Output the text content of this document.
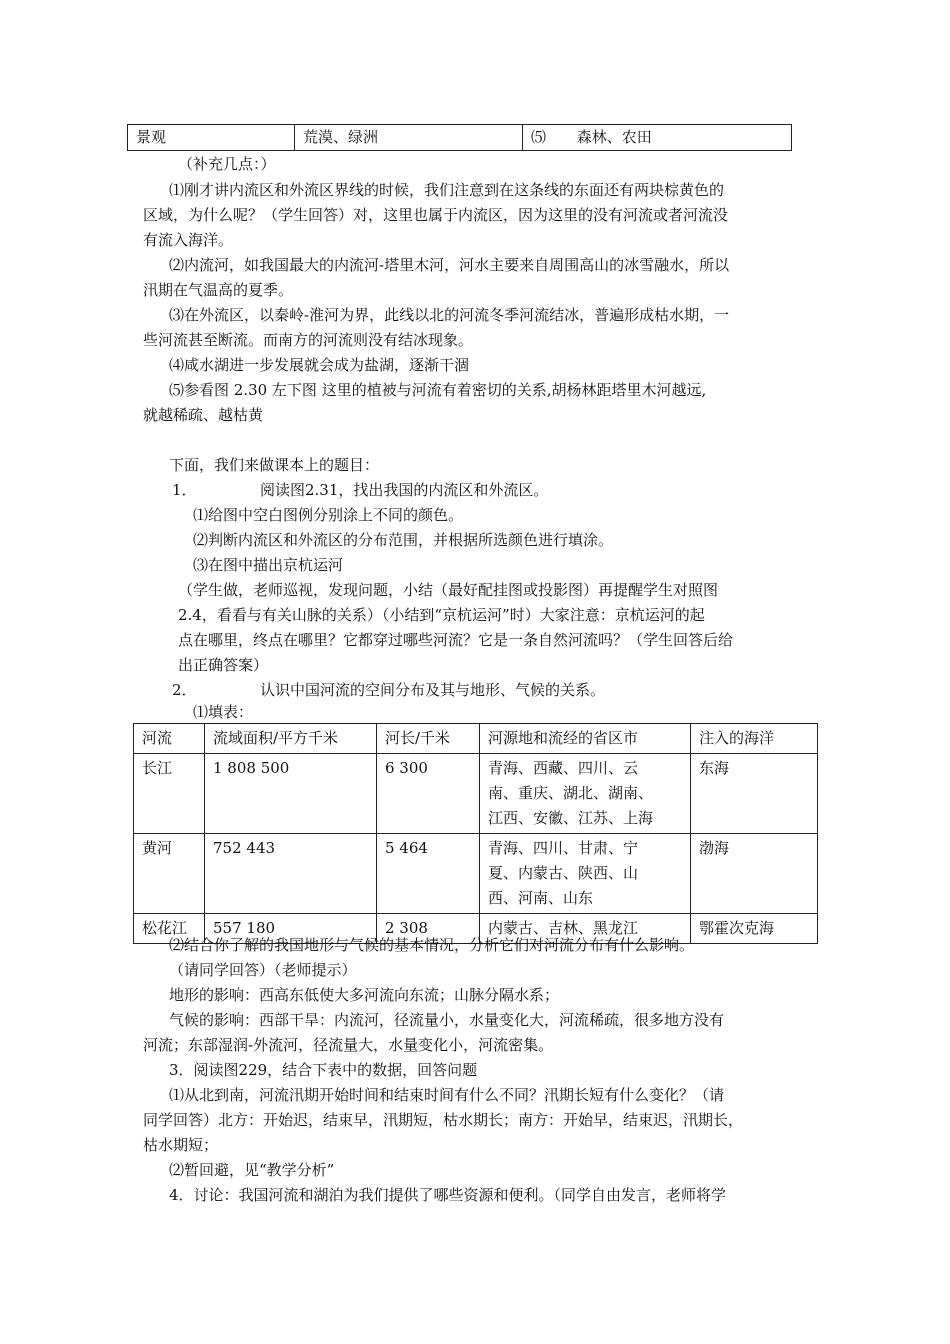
景观	荒漠、绿洲	⑸ 森林、农田
（补充几点：）
⑴刚才讲内流区和外流区界线的时候，我们注意到在这条线的东面还有两块棕黄色的
区域，为什么呢？（学生回答）对，这里也属于内流区，因为这里的没有河流或者河流没
有流入海洋。
⑵内流河，如我国最大的内流河-塔里木河，河水主要来自周围高山的冰雪融水，所以
汛期在气温高的夏季。
⑶在外流区，以秦岭-淮河为界，此线以北的河流冬季河流结冰，普遍形成枯水期，一
些河流甚至断流。而南方的河流则没有结冰现象。
⑷咸水湖进一步发展就会成为盐湖，逐渐干涸
⑸参看图 2.30 左下图 这里的植被与河流有着密切的关系,胡杨林距塔里木河越远,
就越稀疏、越枯黄
下面，我们来做课本上的题目：
1．	阅读图2.31，找出我国的内流区和外流区。
⑴给图中空白图例分别涂上不同的颜色。
⑵判断内流区和外流区的分布范围，并根据所选颜色进行填涂。
⑶在图中描出京杭运河
（学生做，老师巡视，发现问题，小结（最好配挂图或投影图）再提醒学生对照图
2.4，看看与有关山脉的关系）（小结到“京杭运河”时）大家注意：京杭运河的起
点在哪里，终点在哪里？它都穿过哪些河流？它是一条自然河流吗？（学生回答后给
出正确答案）
2．	认识中国河流的空间分布及其与地形、气候的关系。
⑴填表：
河流	流域面积/平方千米	河长/千米	河源地和流经的省区市	注入的海洋
长江	1 808 500	6 300	青海、西藏、四川、云
南、重庆、湖北、湖南、
江西、安徽、江苏、上海	东海
黄河	752 443	5 464	青海、四川、甘肃、宁
夏、内蒙古、陕西、山
西、河南、山东	渤海
松花江	557 180	2 308	内蒙古、吉林、黑龙江	鄂霍次克海
⑵结合你了解的我国地形与气候的基本情况，分析它们对河流分布有什么影响。
（请同学回答）（老师提示）
地形的影响：西高东低使大多河流向东流；山脉分隔水系；
气候的影响：西部干旱：内流河，径流量小，水量变化大，河流稀疏，很多地方没有
河流；东部湿润-外流河，径流量大，水量变化小，河流密集。
3．阅读图229，结合下表中的数据，回答问题
⑴从北到南，河流汛期开始时间和结束时间有什么不同？汛期长短有什么变化？（请
同学回答）北方：开始迟，结束早，汛期短，枯水期长；南方：开始早，结束迟，汛期长，
枯水期短；
⑵暂回避，见“教学分析”
4．讨论：我国河流和湖泊为我们提供了哪些资源和便利。（同学自由发言，老师将学
